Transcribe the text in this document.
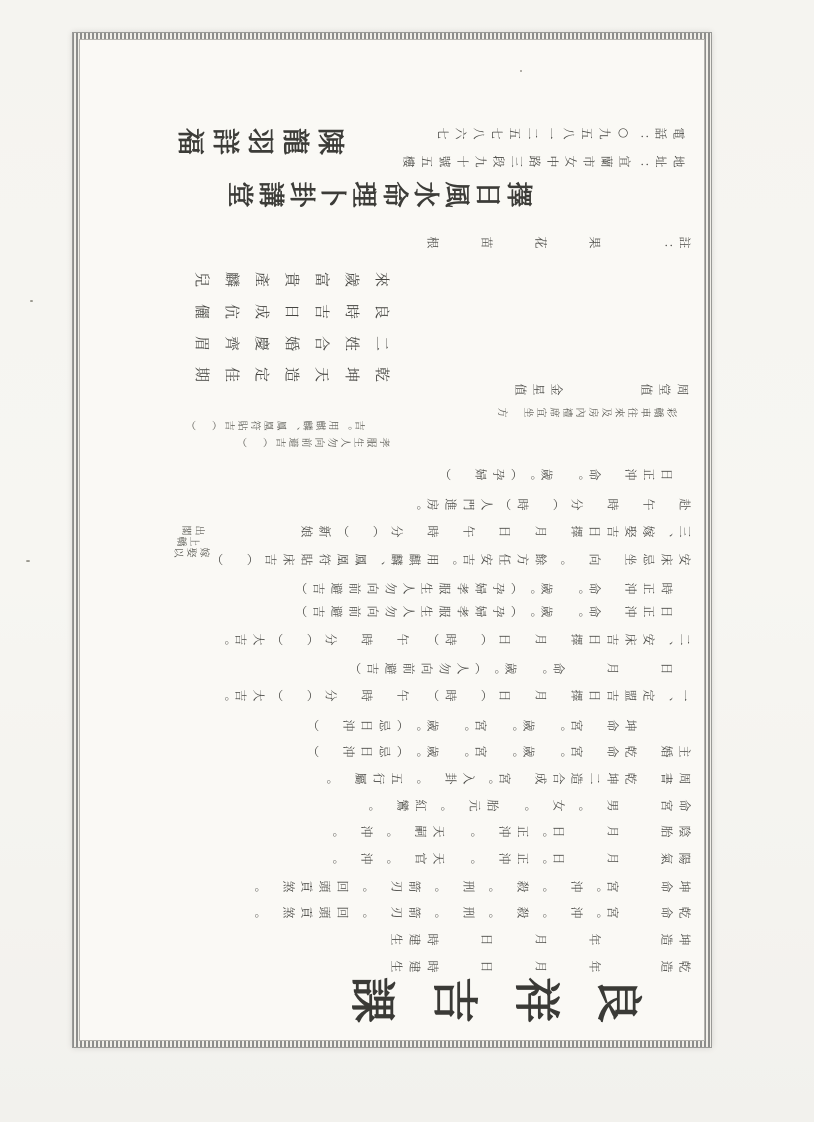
良祥吉課
乾造　　　年　　月　　日　　時建生
坤造　　　年　　月　　日　　時建生
乾命　　宮。沖　。殺　。刑　。箭刃　。回頭貢煞　。
坤命　　宮。沖　。殺　。刑　。箭刃　。回頭貢煞　。
陽氣　　月　　日。正沖　。　天官　。沖　。
陰胎　　月　　日。正沖　。　天嗣　。沖　。
命宮　　男　。女　。　胎元　。紅鸞　。
周書　乾坤二造合成　宮。入卦　。五行屬　。
主婚　乾命　宮。　歲。　宮。　歲。（忌日沖　）
　　　坤命　宮。　歲。　宮。　歲。（忌日沖　）
一、定盟吉日擇　月　日（　時）　午　時　分（　）大吉。
　日　　月　　命。　歲。（人勿向前避吉）
二、安床吉日擇　月　日（　時）　午　時　分（　）大吉。
　日正沖　命。　歲。（孕婦孝服生人勿向前避吉）
　時正沖　命。　歲。（孕婦孝服生人勿向前避吉）
安床忌坐　向　。餘方任安吉。用麒麟、鳳凰符貼床吉（　）
三、嫁娶吉日擇　月　日　午　時　分（　）新娘
出閣
上轎
嫁娶以
赴　午　時　分（　時）人門進房。
　日正沖　命。　歲。（孕婦　）
孝服生人勿向前避吉（　）
吉。用麒麟、鳳凰符貼吉（　）
彩轎車往來及房內禮席宜坐　方
周堂值　　　　金星值　　　　
乾坤天造定佳期
二姓合婚慶齊眉
良時吉日成伉儷
來歲富貴產麟兒
註：　　　果　　花　　苗　　根　　
擇日風水命理卜卦講堂
陳龍羽詳福
地址：宜蘭市女中路三段九十號五樓
電話：○九五八一二五七八六七
